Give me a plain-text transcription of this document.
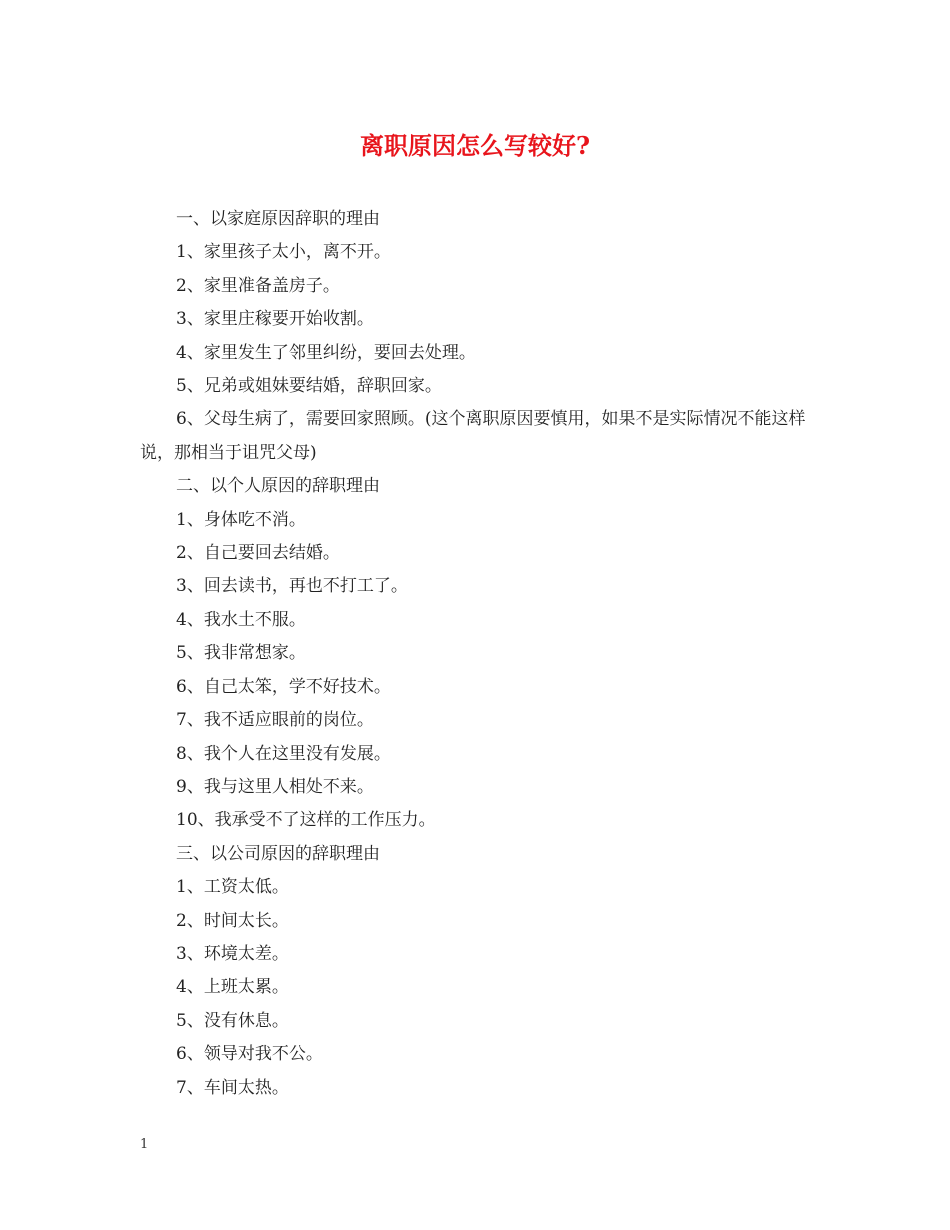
离职原因怎么写较好?

一、以家庭原因辞职的理由

1、家里孩子太小，离不开。

2、家里准备盖房子。

3、家里庄稼要开始收割。

4、家里发生了邻里纠纷，要回去处理。

5、兄弟或姐妹要结婚，辞职回家。

6、父母生病了，需要回家照顾。(这个离职原因要慎用，如果不是实际情况不能这样说，那相当于诅咒父母)

二、以个人原因的辞职理由

1、身体吃不消。

2、自己要回去结婚。

3、回去读书，再也不打工了。

4、我水土不服。

5、我非常想家。

6、自己太笨，学不好技术。

7、我不适应眼前的岗位。

8、我个人在这里没有发展。

9、我与这里人相处不来。

10、我承受不了这样的工作压力。

三、以公司原因的辞职理由

1、工资太低。

2、时间太长。

3、环境太差。

4、上班太累。

5、没有休息。

6、领导对我不公。

7、车间太热。

1
